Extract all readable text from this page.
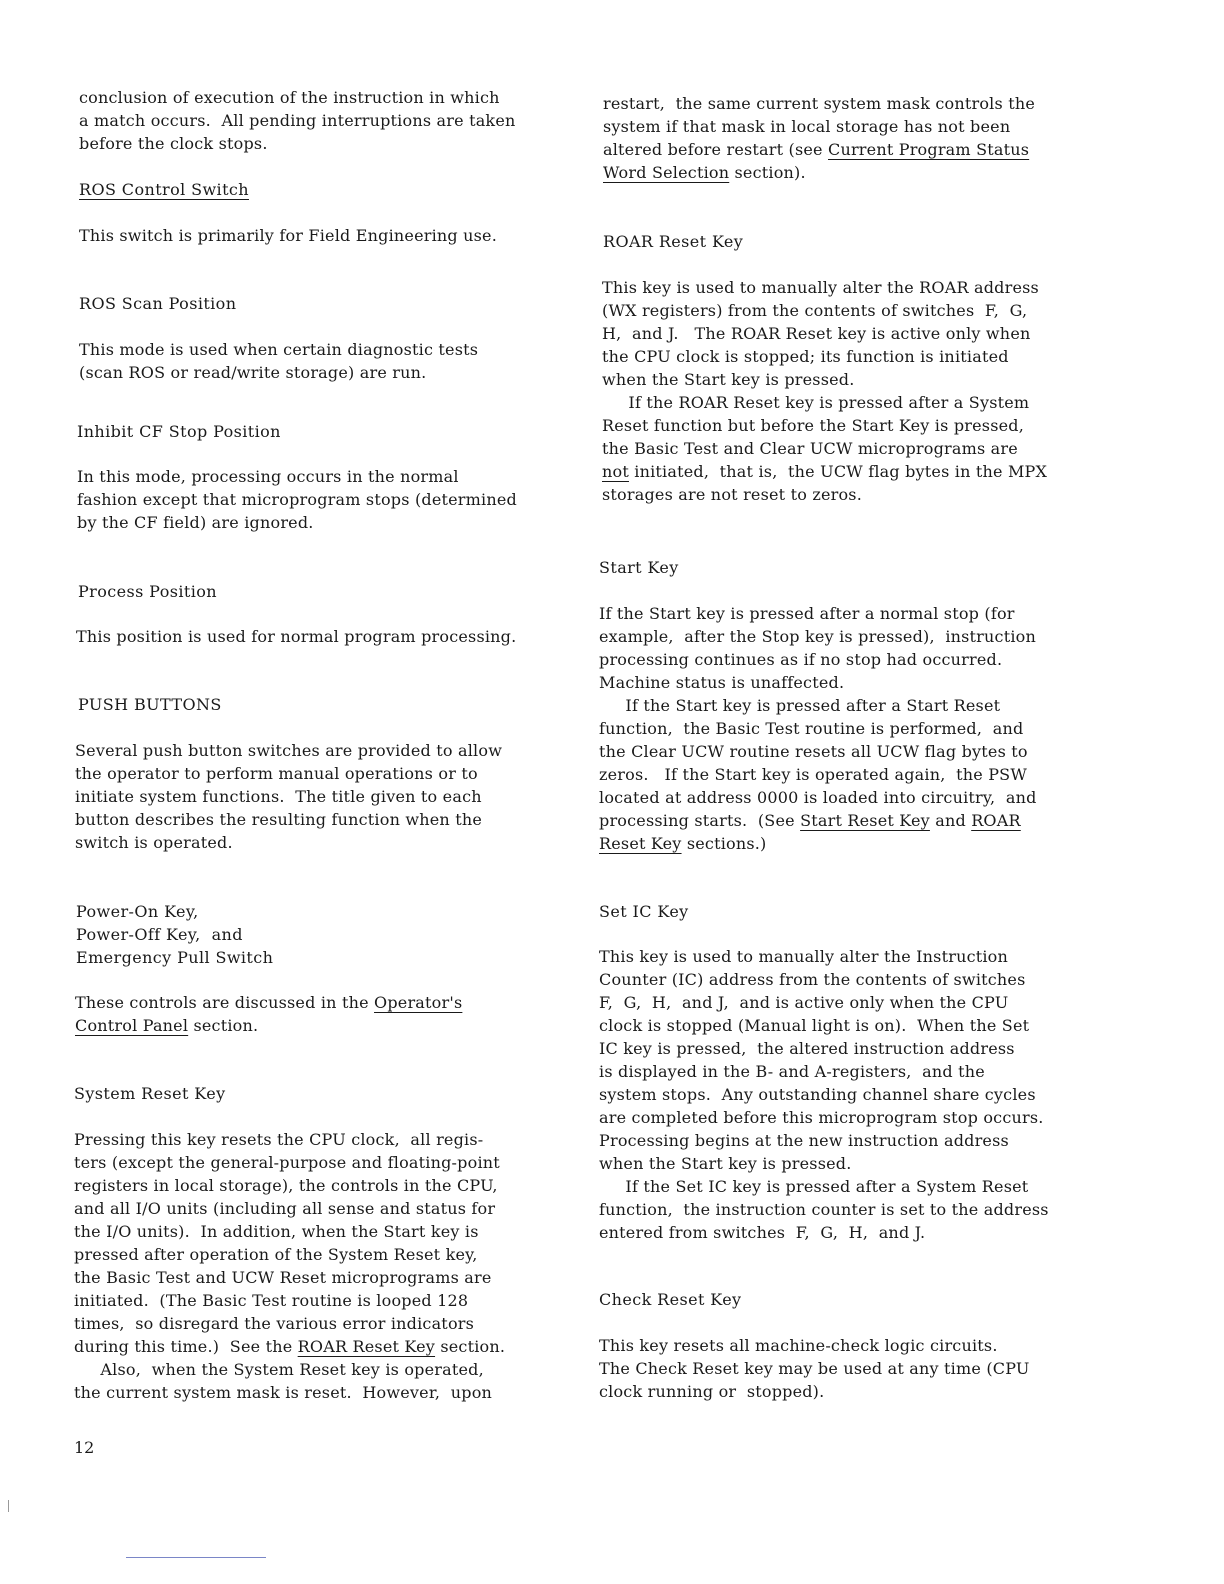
conclusion of execution of the instruction in which
a match occurs.  All pending interruptions are taken
before the clock stops.

ROS Control Switch

This switch is primarily for Field Engineering use.

ROS Scan Position

This mode is used when certain diagnostic tests
(scan ROS or read/write storage) are run.

Inhibit CF Stop Position

In this mode, processing occurs in the normal
fashion except that microprogram stops (determined
by the CF field) are ignored.

Process Position

This position is used for normal program processing.

PUSH BUTTONS

Several push button switches are provided to allow
the operator to perform manual operations or to
initiate system functions.  The title given to each
button describes the resulting function when the
switch is operated.

Power-On Key,
Power-Off Key,  and
Emergency Pull Switch

These controls are discussed in the Operator's
Control Panel section.

System Reset Key

Pressing this key resets the CPU clock,  all regis-
ters (except the general-purpose and floating-point
registers in local storage), the controls in the CPU,
and all I/O units (including all sense and status for
the I/O units).  In addition, when the Start key is
pressed after operation of the System Reset key,
the Basic Test and UCW Reset microprograms are
initiated.  (The Basic Test routine is looped 128
times,  so disregard the various error indicators
during this time.)  See the ROAR Reset Key section.
Also,  when the System Reset key is operated,
the current system mask is reset.  However,  upon

restart,  the same current system mask controls the
system if that mask in local storage has not been
altered before restart (see Current Program Status
Word Selection section).

ROAR Reset Key

This key is used to manually alter the ROAR address
(WX registers) from the contents of switches  F,  G,
H,  and J.   The ROAR Reset key is active only when
the CPU clock is stopped; its function is initiated
when the Start key is pressed.
If the ROAR Reset key is pressed after a System
Reset function but before the Start Key is pressed,
the Basic Test and Clear UCW microprograms are
not initiated,  that is,  the UCW flag bytes in the MPX
storages are not reset to zeros.

Start Key

If the Start key is pressed after a normal stop (for
example,  after the Stop key is pressed),  instruction
processing continues as if no stop had occurred.
Machine status is unaffected.
If the Start key is pressed after a Start Reset
function,  the Basic Test routine is performed,  and
the Clear UCW routine resets all UCW flag bytes to
zeros.   If the Start key is operated again,  the PSW
located at address 0000 is loaded into circuitry,  and
processing starts.  (See Start Reset Key and ROAR
Reset Key sections.)

Set IC Key

This key is used to manually alter the Instruction
Counter (IC) address from the contents of switches
F,  G,  H,  and J,  and is active only when the CPU
clock is stopped (Manual light is on).  When the Set
IC key is pressed,  the altered instruction address
is displayed in the B- and A-registers,  and the
system stops.  Any outstanding channel share cycles
are completed before this microprogram stop occurs.
Processing begins at the new instruction address
when the Start key is pressed.
If the Set IC key is pressed after a System Reset
function,  the instruction counter is set to the address
entered from switches  F,  G,  H,  and J.

Check Reset Key

This key resets all machine-check logic circuits.
The Check Reset key may be used at any time (CPU
clock running or  stopped).

12
